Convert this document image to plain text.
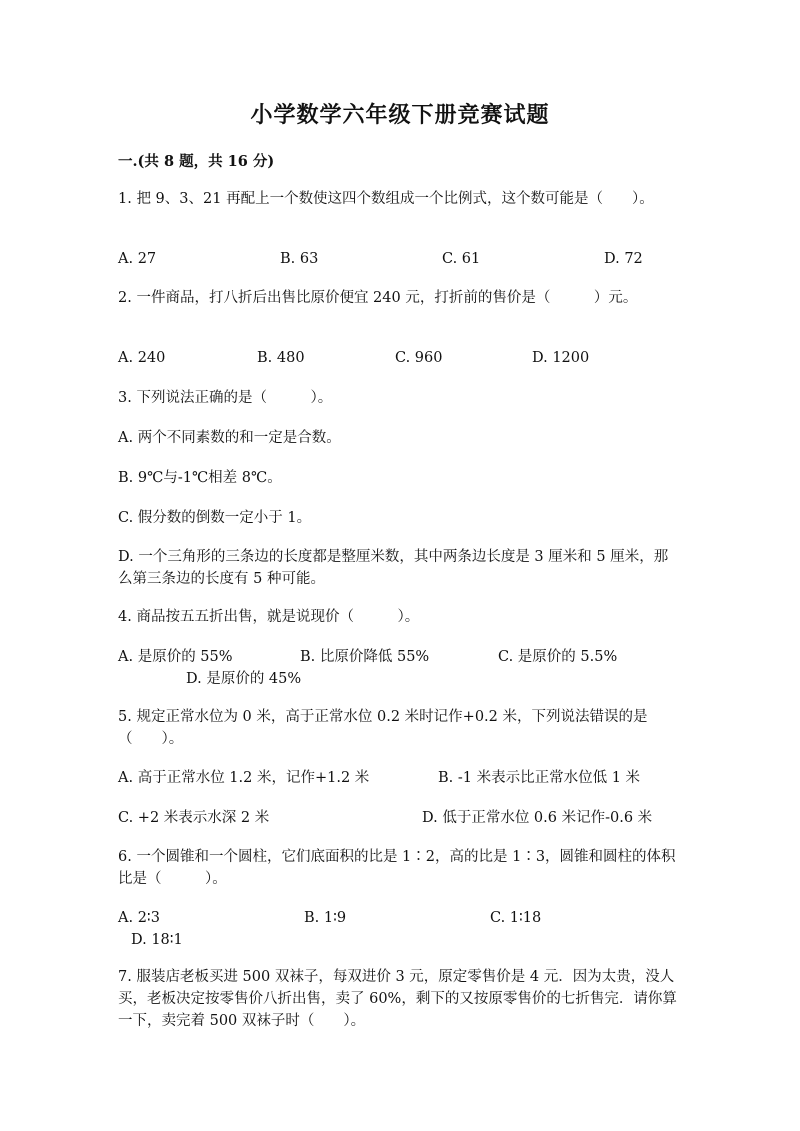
小学数学六年级下册竞赛试题
一.(共 8 题，共 16 分)
1. 把 9、3、21 再配上一个数使这四个数组成一个比例式，这个数可能是（　　）。
A. 27	B. 63	C. 61	D. 72
2. 一件商品，打八折后出售比原价便宜 240 元，打折前的售价是（　　　）元。
A. 240	B. 480	C. 960	D. 1200
3. 下列说法正确的是（　　　）。
A. 两个不同素数的和一定是合数。
B. 9℃与-1℃相差 8℃。
C. 假分数的倒数一定小于 1。
D. 一个三角形的三条边的长度都是整厘米数，其中两条边长度是 3 厘米和 5 厘米，那么第三条边的长度有 5 种可能。
4. 商品按五五折出售，就是说现价（　　　）。
A. 是原价的 55%	B. 比原价降低 55%	C. 是原价的 5.5%
D. 是原价的 45%
5. 规定正常水位为 0 米，高于正常水位 0.2 米时记作+0.2 米，下列说法错误的是（　　）。
A. 高于正常水位 1.2 米，记作+1.2 米	B. -1 米表示比正常水位低 1 米
C. +2 米表示水深 2 米	D. 低于正常水位 0.6 米记作-0.6 米
6. 一个圆锥和一个圆柱，它们底面积的比是 1∶2，高的比是 1∶3，圆锥和圆柱的体积比是（　　　）。
A. 2∶3	B. 1∶9	C. 1∶18
D. 18∶1
7. 服装店老板买进 500 双袜子，每双进价 3 元，原定零售价是 4 元．因为太贵，没人买，老板决定按零售价八折出售，卖了 60%，剩下的又按原零售价的七折售完．请你算一下，卖完着 500 双袜子时（　　）。
